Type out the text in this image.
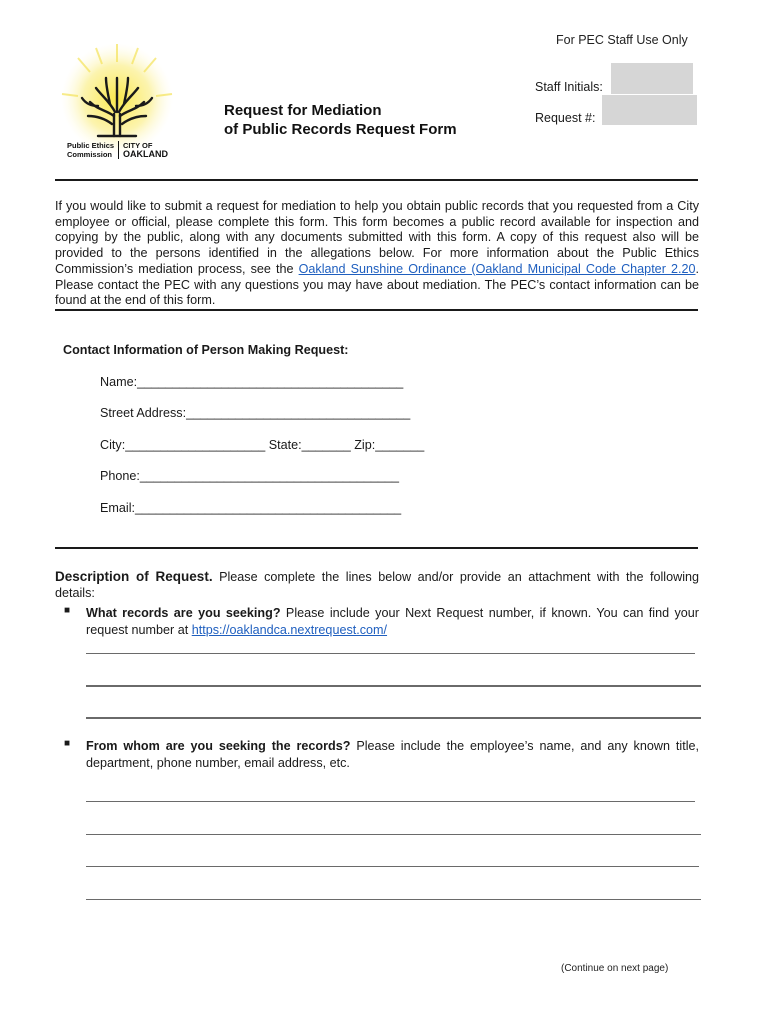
For PEC Staff Use Only
Staff Initials:
Request #:
Public Ethics
Commission
CITY OF
OAKLAND
Request for Mediation
of Public Records Request Form
If you would like to submit a request for mediation to help you obtain public records that you requested from a City employee or official, please complete this form. This form becomes a public record available for inspection and copying by the public, along with any documents submitted with this form. A copy of this request also will be provided to the persons identified in the allegations below. For more information about the Public Ethics Commission’s mediation process, see the Oakland Sunshine Ordinance (Oakland Municipal Code Chapter 2.20. Please contact the PEC with any questions you may have about mediation. The PEC’s contact information can be found at the end of this form.
Contact Information of Person Making Request:
Name:______________________________________
Street Address:________________________________
City:____________________ State:_______ Zip:_______
Phone:_____________________________________
Email:______________________________________
Description of Request. Please complete the lines below and/or provide an attachment with the following details:
■ What records are you seeking? Please include your Next Request number, if known. You can find your request number at https://oaklandca.nextrequest.com/
■ From whom are you seeking the records? Please include the employee’s name, and any known title, department, phone number, email address, etc.
(Continue on next page)
